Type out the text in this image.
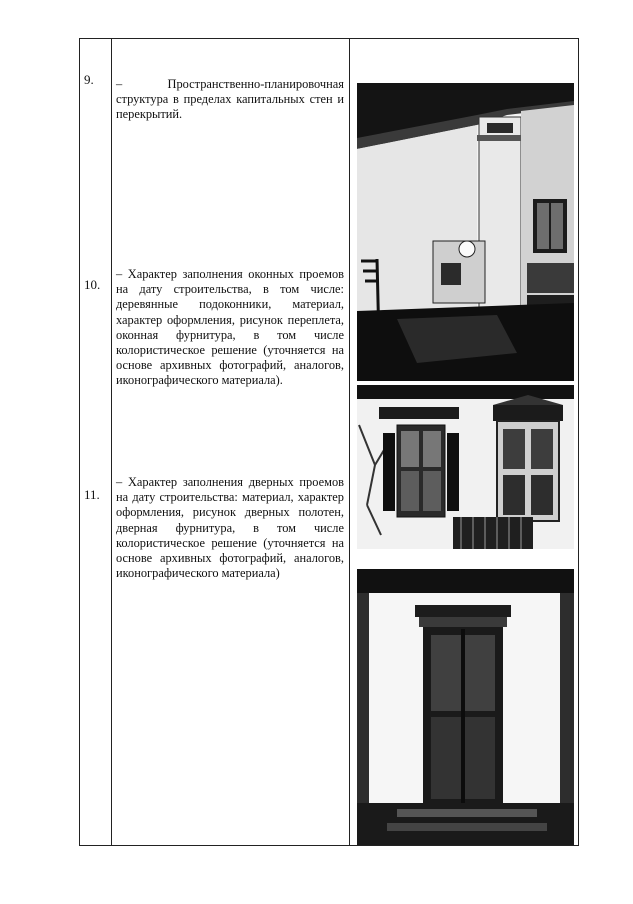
9. – Пространственно-планировочная структура в пределах капитальных стен и перекрытий.
10.
– Характер заполнения оконных проемов на дату строительства, в том числе: деревянные подоконники, материал, характер оформления, рисунок переплета, оконная фурнитура, в том числе колористическое решение (уточняется на основе архивных фотографий, аналогов, иконографического материала).
11.
– Характер заполнения дверных проемов на дату строительства: материал, характер оформления, рисунок дверных полотен, дверная фурнитура, в том числе колористическое решение (уточняется на основе архивных фотографий, аналогов, иконографического материала)
